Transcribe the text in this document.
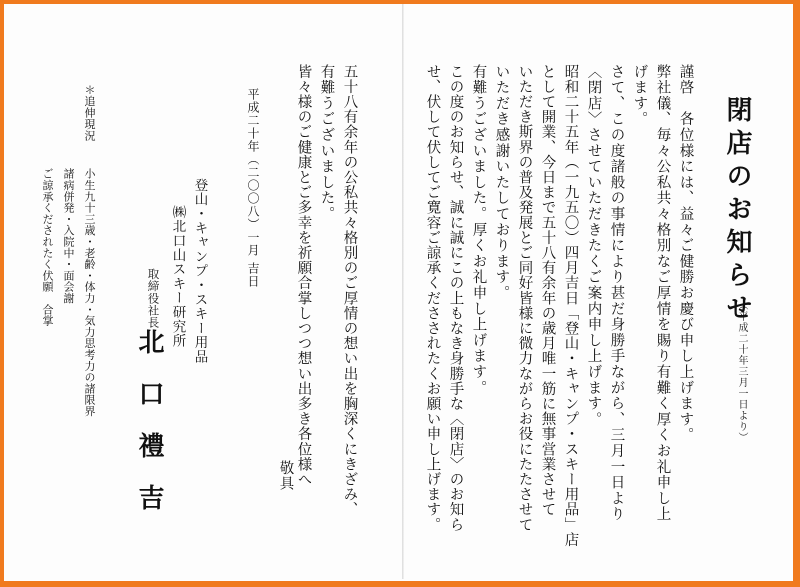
閉店のお知らせ
（平成二十年三月一日より）
謹啓　各位様には、益々ご健勝お慶び申し上げます。
弊社儀、毎々公私共々格別なご厚情を賜り有難く厚くお礼申し上
げます。
さて、この度諸般の事情により甚だ身勝手ながら、三月一日より
〈閉店〉させていただきたくご案内申し上げます。
昭和二十五年（一九五〇）四月吉日「登山・キャンプ・スキー用品」店
として開業、今日まで五十八有余年の歳月唯一筋に無事営業させて
いただき斯界の普及発展とご同好皆様に微力ながらお役にたたさせて
いただき感謝いたしております。
有難うございました。厚くお礼申し上げます。
この度のお知らせ、誠に誠にこの上もなき身勝手な〈閉店〉のお知ら
せ、伏して伏してご寛容ご諒承くださされたくお願い申し上げます。
五十八有余年の公私共々格別のご厚情の想い出を胸深くにきざみ、
有難うございました。
皆々様のご健康とご多幸を祈願合掌しつつ想い出多き各位様へ
敬具
平成二十年（二〇〇八）一月 吉日
登山・キャンプ・スキー用品
㈱北口山スキー研究所
取締役社長
北　口　禮　吉
＊追伸現況
小生九十三歳・老齢・体力・気力思考力の諸限界
諸病併発・入院中・面会謝
ご諒承くだされたく伏願　合掌
